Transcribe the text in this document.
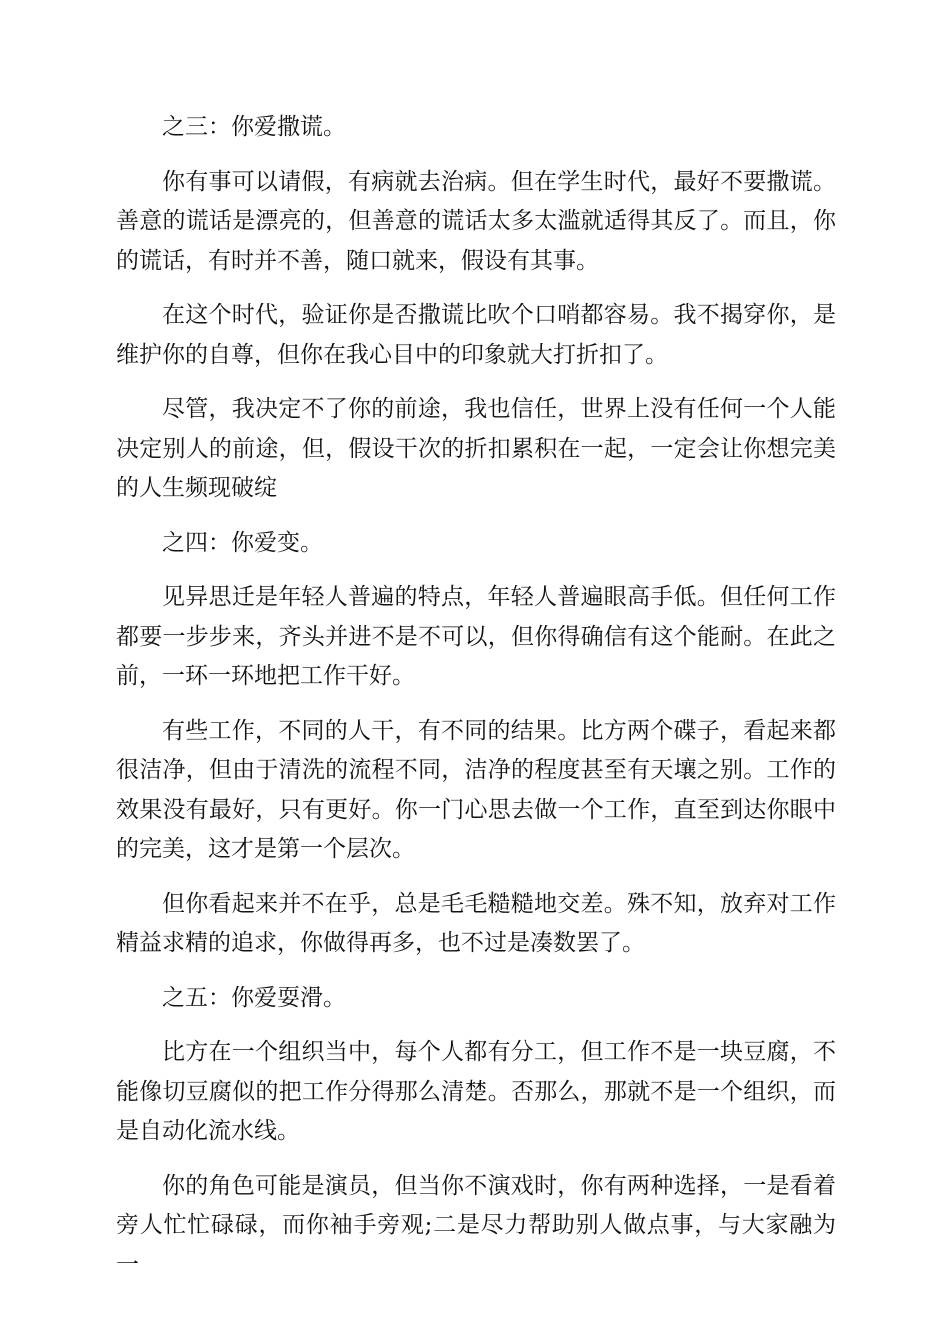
之三：你爱撒谎。

你有事可以请假，有病就去治病。但在学生时代，最好不要撒谎。善意的谎话是漂亮的，但善意的谎话太多太滥就适得其反了。而且，你的谎话，有时并不善，随口就来，假设有其事。

在这个时代，验证你是否撒谎比吹个口哨都容易。我不揭穿你，是维护你的自尊，但你在我心目中的印象就大打折扣了。

尽管，我决定不了你的前途，我也信任，世界上没有任何一个人能决定别人的前途，但，假设干次的折扣累积在一起，一定会让你想完美的人生频现破绽

之四：你爱变。

见异思迁是年轻人普遍的特点，年轻人普遍眼高手低。但任何工作都要一步步来，齐头并进不是不可以，但你得确信有这个能耐。在此之前，一环一环地把工作干好。

有些工作，不同的人干，有不同的结果。比方两个碟子，看起来都很洁净，但由于清洗的流程不同，洁净的程度甚至有天壤之别。工作的效果没有最好，只有更好。你一门心思去做一个工作，直至到达你眼中的完美，这才是第一个层次。

但你看起来并不在乎，总是毛毛糙糙地交差。殊不知，放弃对工作精益求精的追求，你做得再多，也不过是凑数罢了。

之五：你爱耍滑。

比方在一个组织当中，每个人都有分工，但工作不是一块豆腐，不能像切豆腐似的把工作分得那么清楚。否那么，那就不是一个组织，而是自动化流水线。

你的角色可能是演员，但当你不演戏时，你有两种选择，一是看着旁人忙忙碌碌，而你袖手旁观;二是尽力帮助别人做点事，与大家融为一
